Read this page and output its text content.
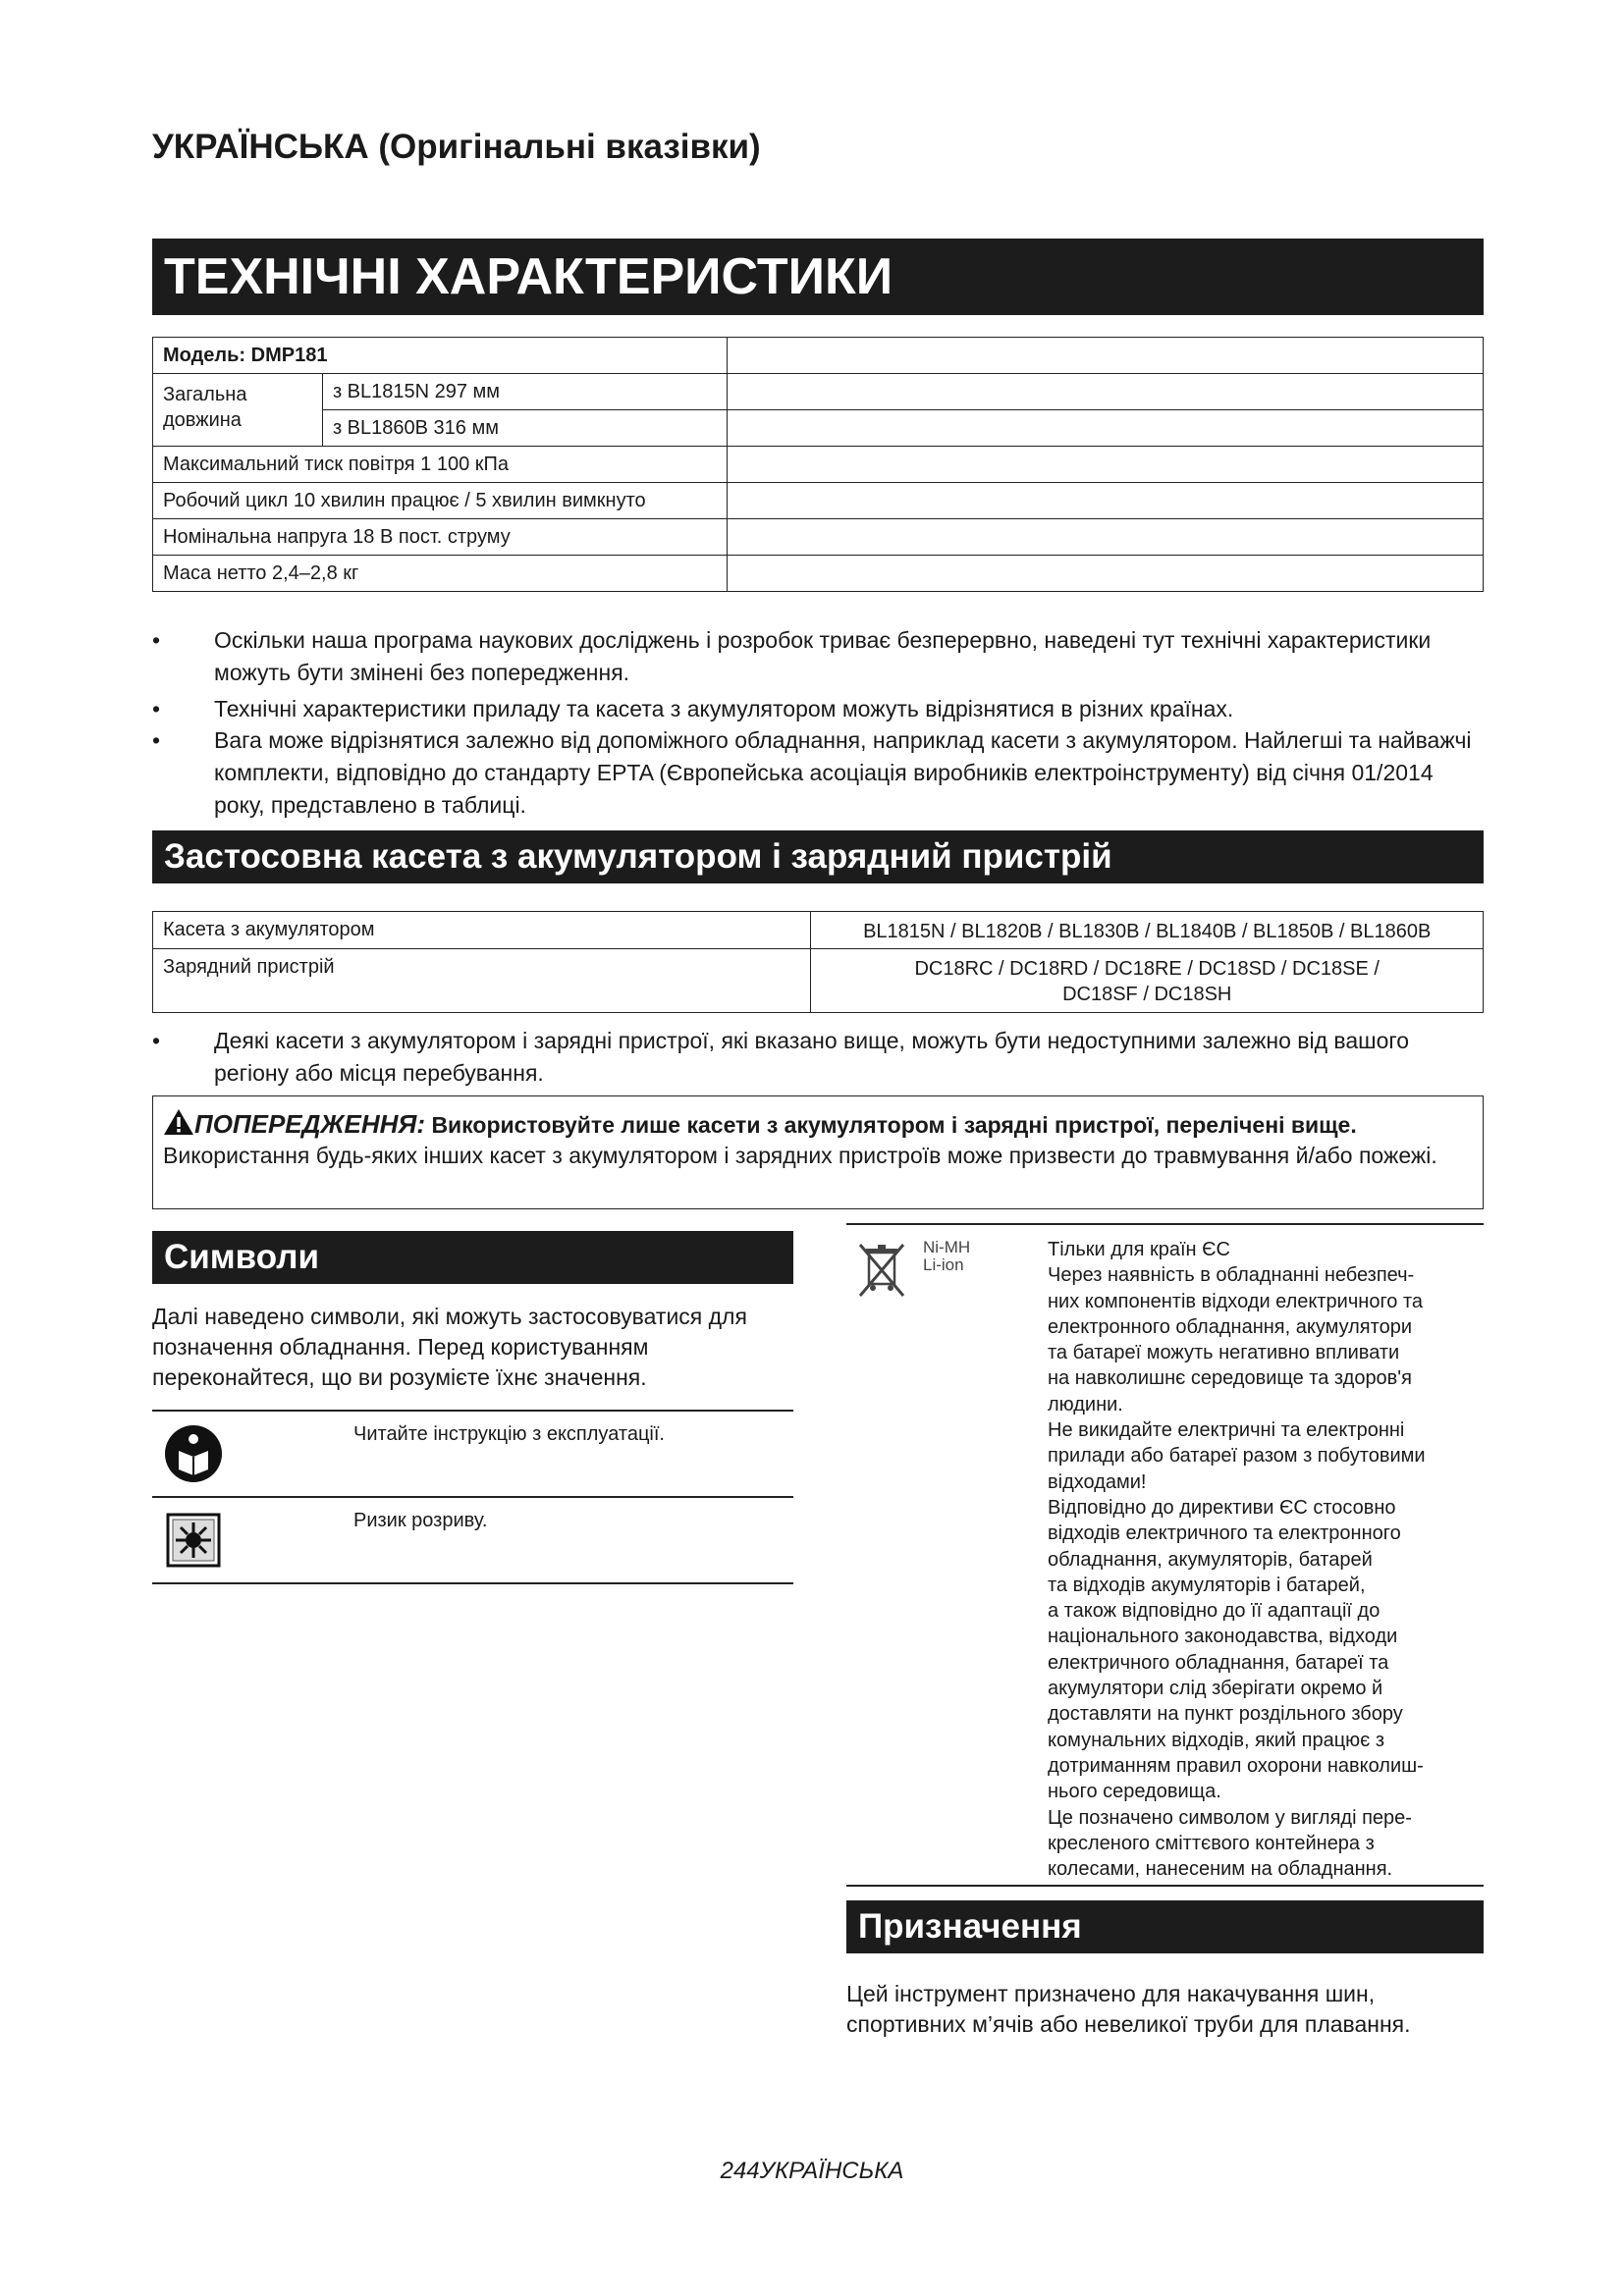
УКРАЇНСЬКА (Оригінальні вказівки)
ТЕХНІЧНІ ХАРАКТЕРИСТИКИ
Модель: DMP181		
Загальна довжина	з BL1815N 297 мм	
	з BL1860B 316 мм	
Максимальний тиск повітря 1 100 кПа		
Робочий цикл 10 хвилин працює / 5 хвилин вимкнуто		
Номінальна напруга 18 В пост. струму		
Маса нетто 2,4–2,8 кг		
• Оскільки наша програма наукових досліджень і розробок триває безперервно, наведені тут технічні характеристики можуть бути змінені без попередження.
• Технічні характеристики приладу та касета з акумулятором можуть відрізнятися в різних країнах.
• Вага може відрізнятися залежно від допоміжного обладнання, наприклад касети з акумулятором. Найлегші та найважчі комплекти, відповідно до стандарту EPTA (Європейська асоціація виробників електроінструменту) від січня 01/2014 року, представлено в таблиці.
Застосовна касета з акумулятором і зарядний пристрій
Касета з акумулятором	BL1815N / BL1820B / BL1830B / BL1840B / BL1850B / BL1860B
Зарядний пристрій	DC18RC / DC18RD / DC18RE / DC18SD / DC18SE / DC18SF / DC18SH
• Деякі касети з акумулятором і зарядні пристрої, які вказано вище, можуть бути недоступними залежно від вашого регіону або місця перебування.
ПОПЕРЕДЖЕННЯ: Використовуйте лише касети з акумулятором і зарядні пристрої, перелічені вище. Використання будь-яких інших касет з акумулятором і зарядних пристроїв може призвести до травмування й/або пожежі.
Символи
Далі наведено символи, які можуть застосовуватися для позначення обладнання. Перед користуванням переконайтеся, що ви розумієте їхнє значення.
Читайте інструкцію з експлуатації.
Ризик розриву.
Ni-MH
Li-ion
Тільки для країн ЄС
Через наявність в обладнанні небезпеч-
них компонентів відходи електричного та
електронного обладнання, акумулятори
та батареї можуть негативно впливати
на навколишнє середовище та здоров'я
людини.
Не викидайте електричні та електронні
прилади або батареї разом з побутовими
відходами!
Відповідно до директиви ЄС стосовно
відходів електричного та електронного
обладнання, акумуляторів, батарей
та відходів акумуляторів і батарей,
а також відповідно до її адаптації до
національного законодавства, відходи
електричного обладнання, батареї та
акумулятори слід зберігати окремо й
доставляти на пункт роздільного збору
комунальних відходів, який працює з
дотриманням правил охорони навколиш-
нього середовища.
Це позначено символом у вигляді пере-
кресленого сміттєвого контейнера з
колесами, нанесеним на обладнання.
Призначення
Цей інструмент призначено для накачування шин, спортивних м’ячів або невеликої труби для плавання.
244УКРАЇНСЬКА
